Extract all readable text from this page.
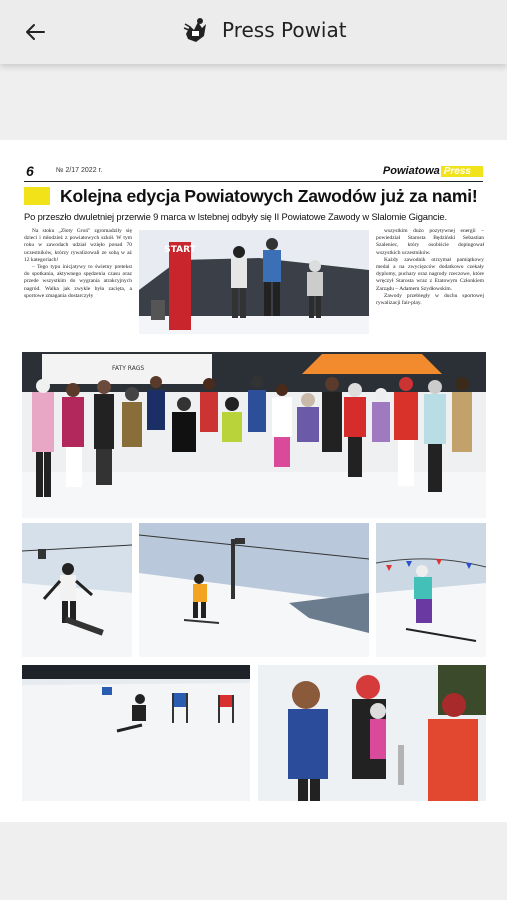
Press Powiat
6	№ 2/17 2022 r.	Powiatowa Press
Kolejna edycja Powiatowych Zawodów już za nami!
Po przeszło dwuletniej przerwie 9 marca w Istebnej odbyły się II Powiatowe Zawody w Slalomie Gigancie.

Na stoku „Złoty Groń" zgromadziły się dzieci i młodzież z powiatowych szkół. W tym roku w zawodach udział wzięło ponad 70 uczestników, którzy rywalizowali ze sobą w aż 12 kategoriach!

– Tego typu inicjatywy to świetny pretekst do spotkania, aktywnego spędzenia czasu oraz przede wszystkim do wygrania atrakcyjnych nagród. Walka jak zwykle była zacięta, a sportowe zmagania dostarczyły

wszystkim dużo pozytywnej energii – powiedział Starosta Będziński Sebastian Szaleniec, który osobiście dopingował wszystkich uczestników.

Każdy zawodnik otrzymał pamiątkowy medal a na zwycięzców dodatkowo czekały dyplomy, puchary oraz nagrody rzeczowe, które wręczył Starosta wraz z Etatowym Członkiem Zarządu – Adamem Szydłowskim.

Zawody przebiegły w duchu sportowej rywalizacji fair-play.

START
FATY RAGS
